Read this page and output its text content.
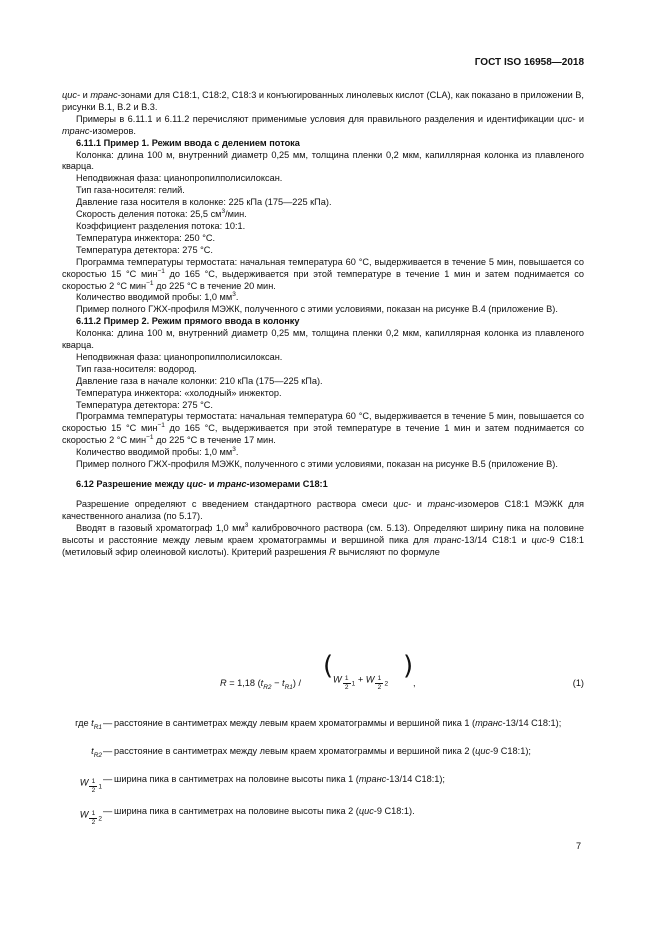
ГОСТ ISO 16958—2018

цис- и транс-зонами для C18:1, C18:2, C18:3 и конъюгированных линолевых кислот (CLA), как показано в приложении B, рисунки B.1, B.2 и B.3.

Примеры в 6.11.1 и 6.11.2 перечисляют применимые условия для правильного разделения и идентификации цис- и транс-изомеров.

6.11.1 Пример 1. Режим ввода с делением потока

Колонка: длина 100 м, внутренний диаметр 0,25 мм, толщина пленки 0,2 мкм, капиллярная колонка из плавленого кварца.

Неподвижная фаза: цианопропилполисилоксан.

Тип газа-носителя: гелий.

Давление газа носителя в колонке: 225 кПа (175—225 кПа).

Скорость деления потока: 25,5 $см^3$/мин.

Коэффициент разделения потока: 10:1.

Температура инжектора: 250 °С.

Температура детектора: 275 °С.

Программа температуры термостата: начальная температура 60 °С, выдерживается в течение 5 мин, повышается со скоростью 15 °С мин$^{-1}$ до 165 °С, выдерживается при этой температуре в течение 1 мин и затем поднимается со скоростью 2 °С мин$^{-1}$ до 225 °С в течение 20 мин.

Количество вводимой пробы: 1,0 $мм^3$.

Пример полного ГЖХ-профиля МЭЖК, полученного с этими условиями, показан на рисунке B.4 (приложение B).

6.11.2 Пример 2. Режим прямого ввода в колонку

Колонка: длина 100 м, внутренний диаметр 0,25 мм, толщина пленки 0,2 мкм, капиллярная колонка из плавленого кварца.

Неподвижная фаза: цианопропилполисилоксан.

Тип газа-носителя: водород.

Давление газа в начале колонки: 210 кПа (175—225 кПа).

Температура инжектора: «холодный» инжектор.

Температура детектора: 275 °С.

Программа температуры термостата: начальная температура 60 °С, выдерживается в течение 5 мин, повышается со скоростью 15 °С мин$^{-1}$ до 165 °С, выдерживается при этой температуре в течение 1 мин и затем поднимается со скоростью 2 °С мин$^{-1}$ до 225 °С в течение 17 мин.

Количество вводимой пробы: 1,0 $мм^3$.

Пример полного ГЖХ-профиля МЭЖК, полученного с этими условиями, показан на рисунке B.5 (приложение B).

6.12 Разрешение между цис- и транс-изомерами С18:1

Разрешение определяют с введением стандартного раствора смеси цис- и транс-изомеров C18:1 МЭЖК для качественного анализа (по 5.17).

Вводят в газовый хроматограф 1,0 $мм^3$ калибровочного раствора (см. 5.13). Определяют ширину пика на половине высоты и расстояние между левым краем хроматограммы и вершиной пика для транс-13/14 C18:1 и цис-9 C18:1 (метиловый эфир олеиновой кислоты). Критерий разрешения R вычисляют по формуле

R = 1,18 $(t_{R2} - t_{R1})$ /
( W $\frac{1}{2} _1 + W \frac{1}{2} _2$
)
,	(1)
где $t_{R1}$ — расстояние в сантиметрах между левым краем хроматограммы и вершиной пика 1 (транс-13/14 C18:1);
$t_{R2}$ — расстояние в сантиметрах между левым краем хроматограммы и вершиной пика 2 (цис-9 C18:1);
W $\frac{1}{2} _1$
— ширина пика в сантиметрах на половине высоты пика 1 (транс-13/14 C18:1);
W $\frac{1}{2} _2$
— ширина пика в сантиметрах на половине высоты пика 2 (цис-9 C18:1).
7
